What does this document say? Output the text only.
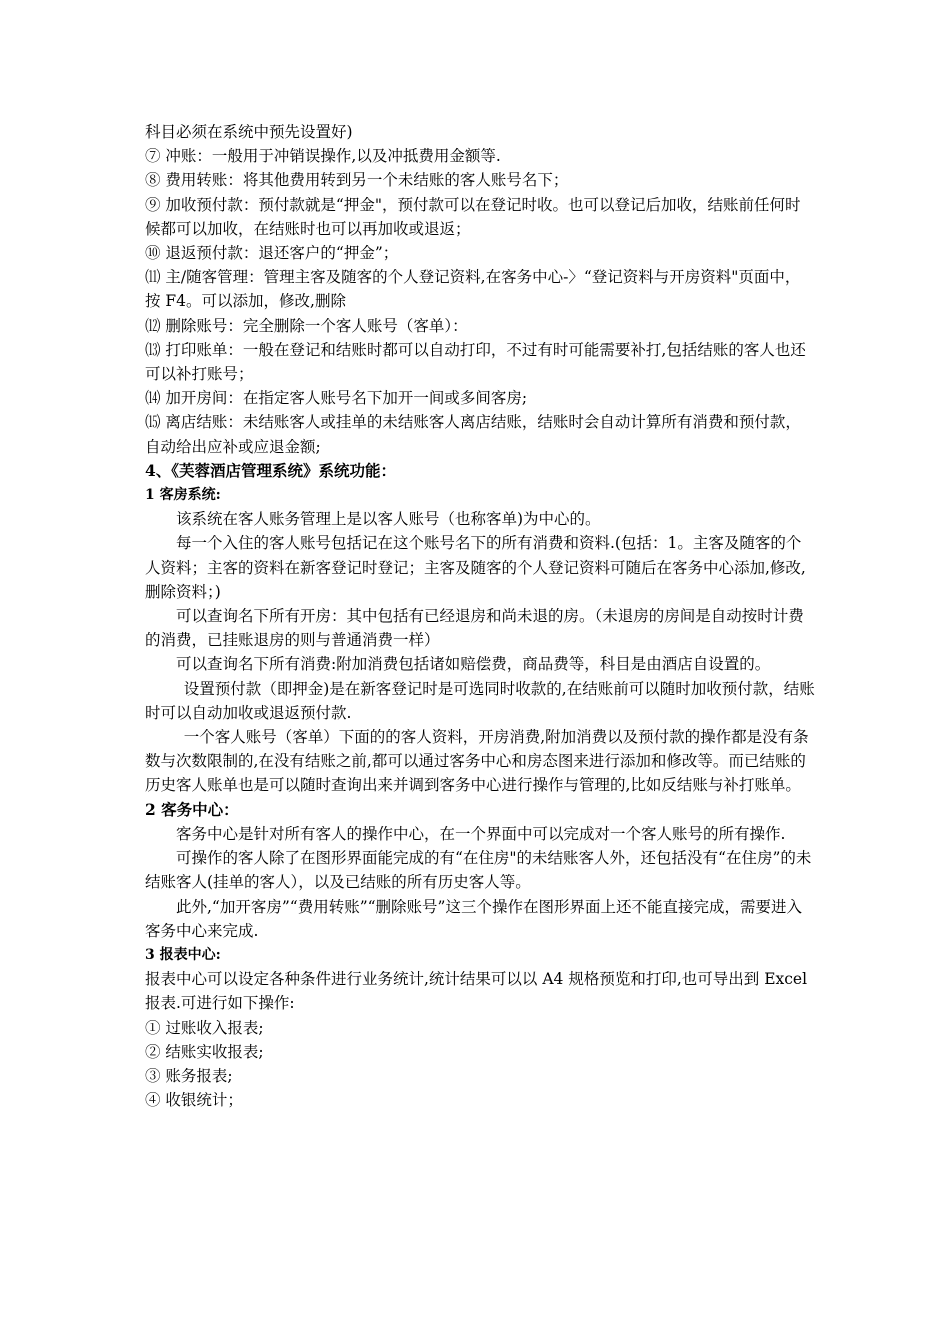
科目必须在系统中预先设置好)

⑦ 冲账：一般用于冲销误操作,以及冲抵费用金额等.

⑧ 费用转账：将其他费用转到另一个未结账的客人账号名下；

⑨ 加收预付款：预付款就是“押金"，预付款可以在登记时收。也可以登记后加收，结账前任何时候都可以加收，在结账时也可以再加收或退返；

⑩ 退返预付款：退还客户的“押金”；

⑾ 主/随客管理：管理主客及随客的个人登记资料,在客务中心-〉“登记资料与开房资料"页面中，按 F4。可以添加，修改,删除

⑿ 删除账号：完全删除一个客人账号（客单）：

⒀ 打印账单：一般在登记和结账时都可以自动打印，不过有时可能需要补打,包括结账的客人也还可以补打账号；

⒁ 加开房间：在指定客人账号名下加开一间或多间客房;

⒂ 离店结账：未结账客人或挂单的未结账客人离店结账，结账时会自动计算所有消费和预付款，自动给出应补或应退金额;

4、《芙蓉酒店管理系统》系统功能：

1 客房系统:

该系统在客人账务管理上是以客人账号（也称客单)为中心的。

每一个入住的客人账号包括记在这个账号名下的所有消费和资料.(包括：1。主客及随客的个人资料；主客的资料在新客登记时登记；主客及随客的个人登记资料可随后在客务中心添加,修改,删除资料；)

可以查询名下所有开房：其中包括有已经退房和尚未退的房。（未退房的房间是自动按时计费的消费，已挂账退房的则与普通消费一样）

可以查询名下所有消费:附加消费包括诸如赔偿费，商品费等，科目是由酒店自设置的。

设置预付款（即押金)是在新客登记时是可选同时收款的,在结账前可以随时加收预付款，结账时可以自动加收或退返预付款.

一个客人账号（客单）下面的的客人资料，开房消费,附加消费以及预付款的操作都是没有条数与次数限制的,在没有结账之前,都可以通过客务中心和房态图来进行添加和修改等。而已结账的历史客人账单也是可以随时查询出来并调到客务中心进行操作与管理的,比如反结账与补打账单。

2 客务中心：

客务中心是针对所有客人的操作中心，在一个界面中可以完成对一个客人账号的所有操作.

可操作的客人除了在图形界面能完成的有“在住房"的未结账客人外，还包括没有“在住房”的未结账客人(挂单的客人），以及已结账的所有历史客人等。

此外,“加开客房”“费用转账”“删除账号”这三个操作在图形界面上还不能直接完成，需要进入客务中心来完成.

3 报表中心:

报表中心可以设定各种条件进行业务统计,统计结果可以以 A4 规格预览和打印,也可导出到 Excel 报表.可进行如下操作:

① 过账收入报表;

② 结账实收报表;

③ 账务报表;

④ 收银统计；
